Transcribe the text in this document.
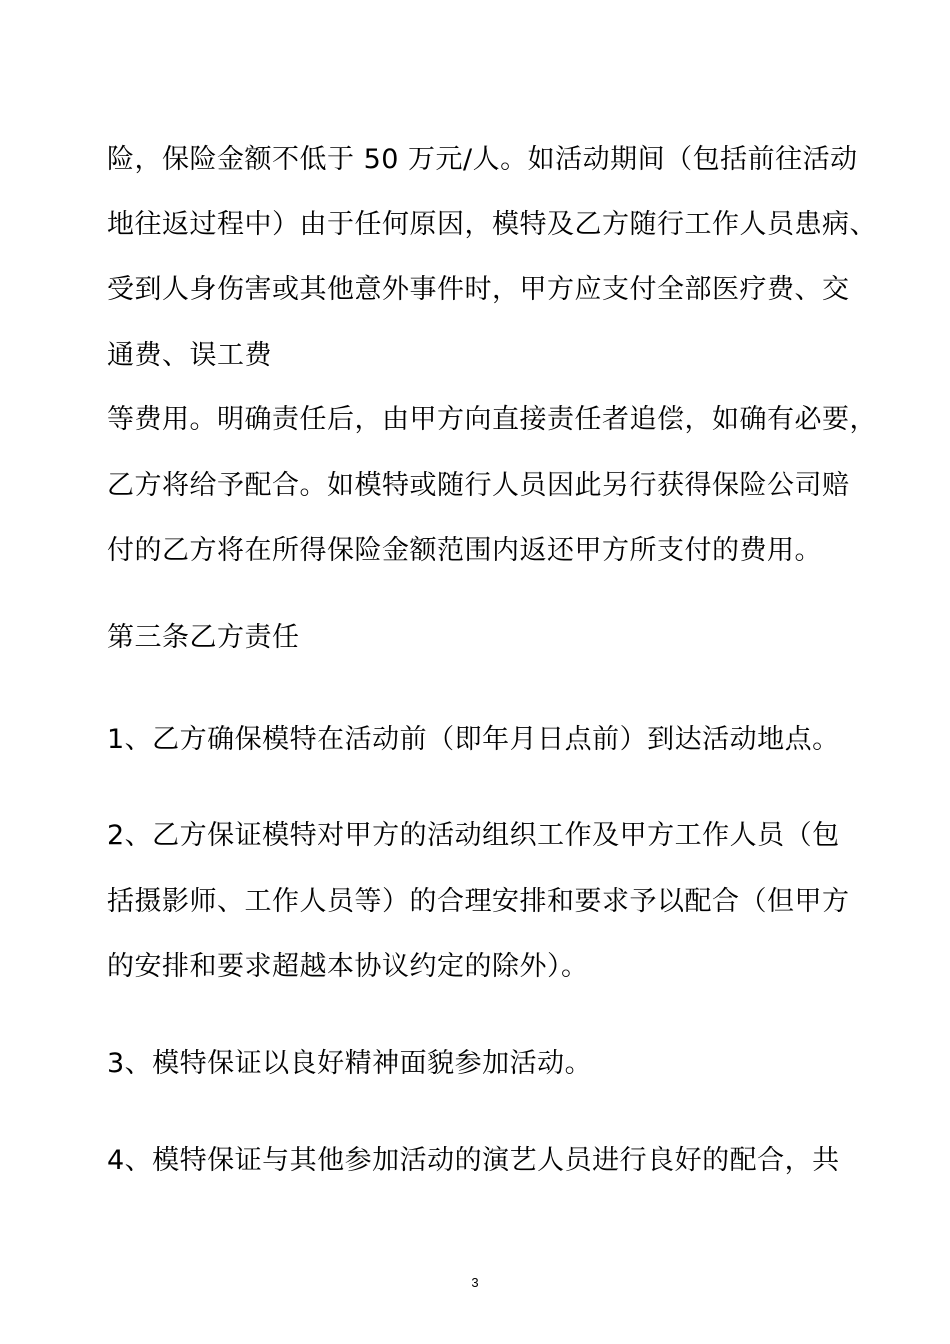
险，保险金额不低于 50 万元/人。如活动期间（包括前往活动
地往返过程中）由于任何原因，模特及乙方随行工作人员患病、
受到人身伤害或其他意外事件时，甲方应支付全部医疗费、交
通费、误工费
等费用。明确责任后，由甲方向直接责任者追偿，如确有必要，
乙方将给予配合。如模特或随行人员因此另行获得保险公司赔
付的乙方将在所得保险金额范围内返还甲方所支付的费用。
第三条乙方责任
1、乙方确保模特在活动前（即年月日点前）到达活动地点。
2、乙方保证模特对甲方的活动组织工作及甲方工作人员（包
括摄影师、工作人员等）的合理安排和要求予以配合（但甲方
的安排和要求超越本协议约定的除外）。
3、模特保证以良好精神面貌参加活动。
4、模特保证与其他参加活动的演艺人员进行良好的配合，共
3
